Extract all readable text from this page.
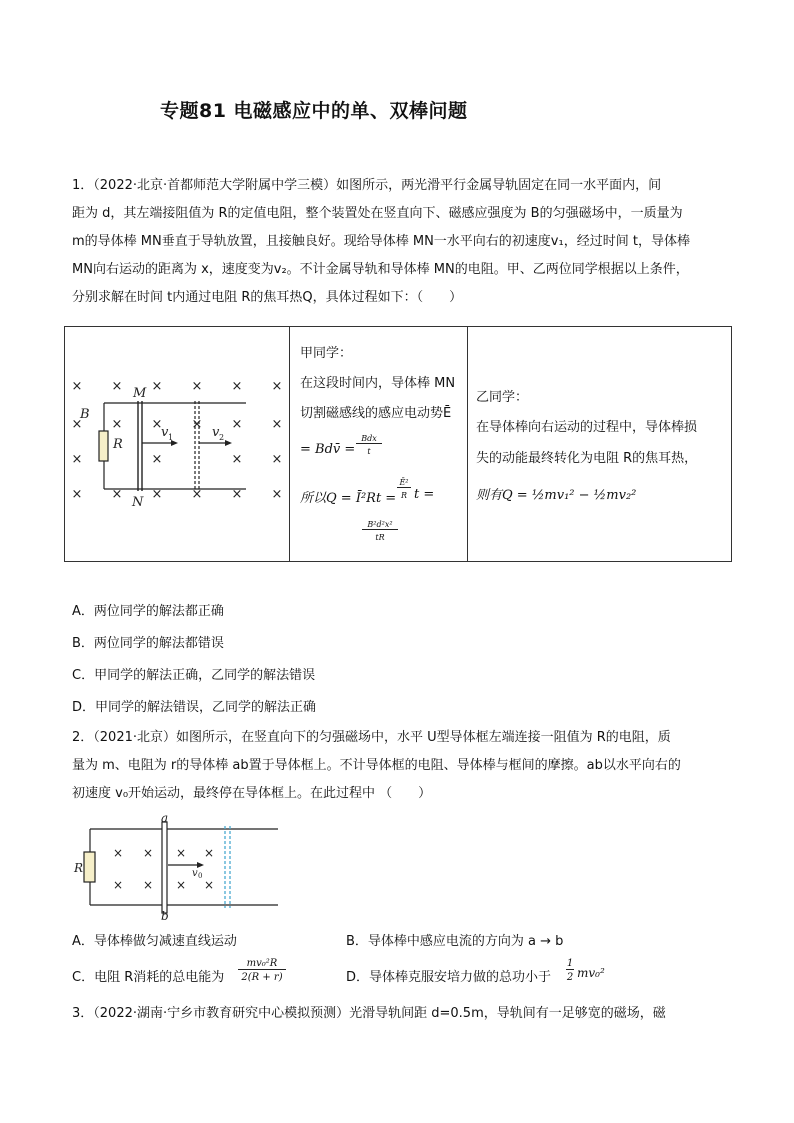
专题81 电磁感应中的单、双棒问题

1．（2022·北京·首都师范大学附属中学三模）如图所示，两光滑平行金属导轨固定在同一水平面内，间

距为 d，其左端接阻值为 R的定值电阻，整个装置处在竖直向下、磁感应强度为 B的匀强磁场中，一质量为

m的导体棒 MN垂直于导轨放置，且接触良好。现给导体棒 MN一水平向右的初速度v₁，经过时间 t，导体棒

MN向右运动的距离为 x，速度变为v₂。不计金属导轨和导体棒 MN的电阻。甲、乙两位同学根据以上条件，

分别求解在时间 t内通过电阻 R的焦耳热Q，具体过程如下：（　　）

× × × × × ×
× × × × × ×
×	×	× ×
× × × × × ×
B
R
M
N
v 1	v 2
甲同学：
在这段时间内，导体棒 MN
切割磁感线的感应电动势Ē
= Bdv̄ =
Bdx
t
所以Q = Ī²Rt =
Ē²
R t =
B²d²x²
tR
乙同学：
在导体棒向右运动的过程中，导体棒损
失的动能最终转化为电阻 R的焦耳热，
则有Q = ½mv₁² − ½mv₂²
A．两位同学的解法都正确
B．两位同学的解法都错误
C．甲同学的解法正确，乙同学的解法错误
D．甲同学的解法错误，乙同学的解法正确

2．（2021·北京）如图所示，在竖直向下的匀强磁场中，水平 U型导体框左端连接一阻值为 R的电阻，质

量为 m、电阻为 r的导体棒 ab置于导体框上。不计导体框的电阻、导体棒与框间的摩擦。ab以水平向右的

初速度 v₀开始运动，最终停在导体框上。在此过程中 （　　）

× × × ×
× × × ×
R
a
b
v 0
A．导体棒做匀减速直线运动	B．导体棒中感应电流的方向为 a → b
C．电阻 R消耗的总电能为
mv₀²R
2(R + r)	D．导体棒克服安培力做的总功小于
1
2 mv₀²

3．（2022·湖南·宁乡市教育研究中心模拟预测）光滑导轨间距 d=0.5m，导轨间有一足够宽的磁场，磁
